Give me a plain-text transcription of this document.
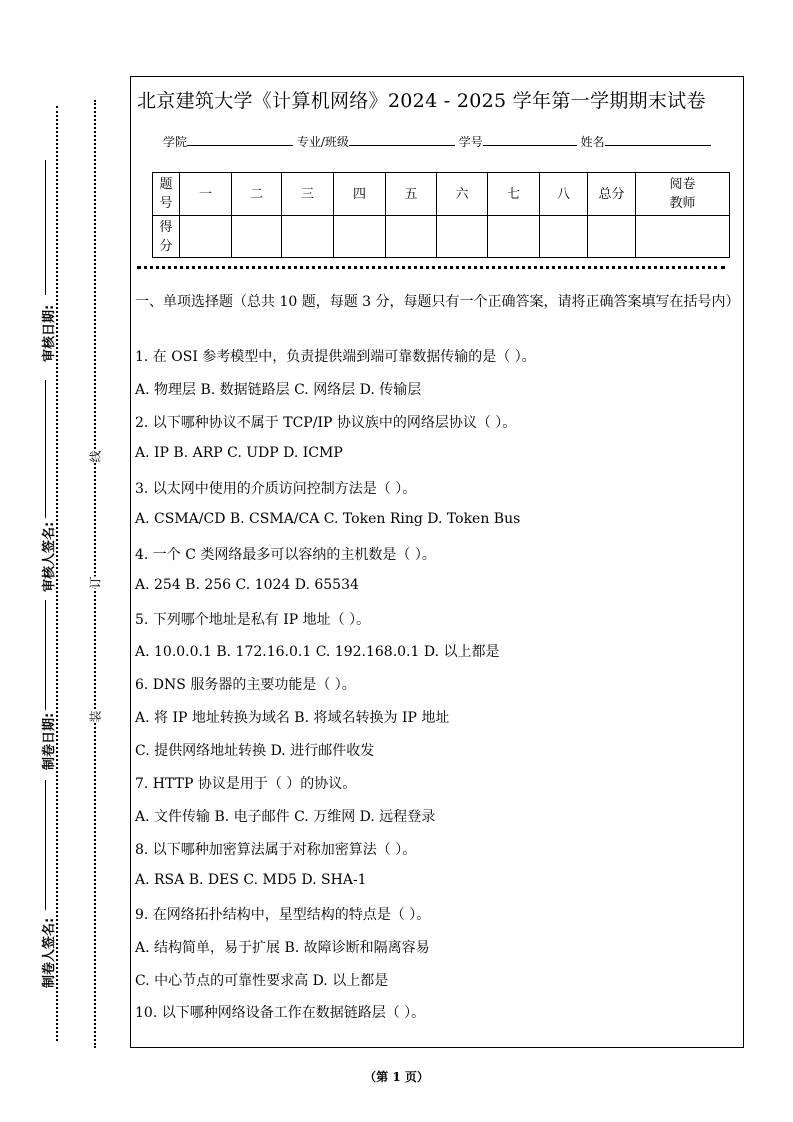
审核日期:
审核人签名:
制卷日期:
制卷人签名:
线
订
装
北京建筑大学《计算机网络》2024 - 2025 学年第一学期期末试卷
学院	专业/班级	学号	姓名
题号	一	二	三	四	五	六	七	八	总分	阅卷教师
得分										
一、单项选择题（总共 10 题，每题 3 分，每题只有一个正确答案，请将正确答案填写在括号内）
1. 在 OSI 参考模型中，负责提供端到端可靠数据传输的是（ ）。
A. 物理层 B. 数据链路层 C. 网络层 D. 传输层
2. 以下哪种协议不属于 TCP/IP 协议族中的网络层协议（ ）。
A. IP B. ARP C. UDP D. ICMP
3. 以太网中使用的介质访问控制方法是（ ）。
A. CSMA/CD B. CSMA/CA C. Token Ring D. Token Bus
4. 一个 C 类网络最多可以容纳的主机数是（ ）。
A. 254 B. 256 C. 1024 D. 65534
5. 下列哪个地址是私有 IP 地址（ ）。
A. 10.0.0.1 B. 172.16.0.1 C. 192.168.0.1 D. 以上都是
6. DNS 服务器的主要功能是（ ）。
A. 将 IP 地址转换为域名 B. 将域名转换为 IP 地址
C. 提供网络地址转换 D. 进行邮件收发
7. HTTP 协议是用于（ ）的协议。
A. 文件传输 B. 电子邮件 C. 万维网 D. 远程登录
8. 以下哪种加密算法属于对称加密算法（ ）。
A. RSA B. DES C. MD5 D. SHA-1
9. 在网络拓扑结构中，星型结构的特点是（ ）。
A. 结构简单，易于扩展 B. 故障诊断和隔离容易
C. 中心节点的可靠性要求高 D. 以上都是
10. 以下哪种网络设备工作在数据链路层（ ）。
（第 1 页）
